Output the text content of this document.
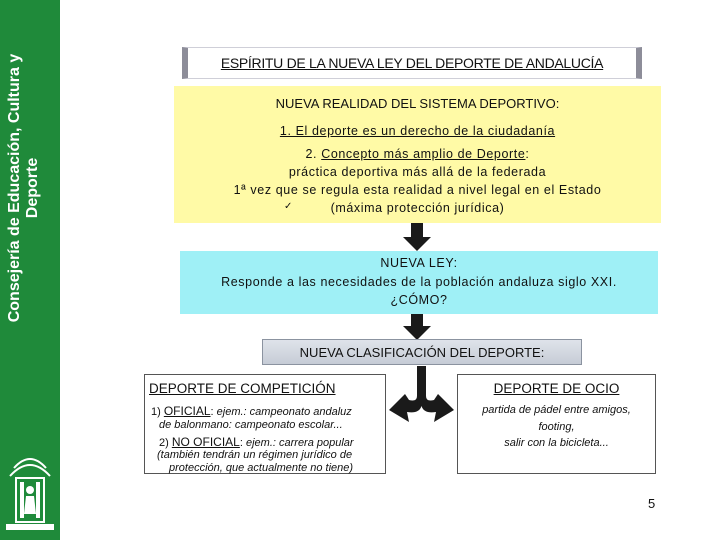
Consejería de Educación, Cultura y Deporte
ESPÍRITU DE LA NUEVA LEY DEL DEPORTE DE ANDALUCÍA
NUEVA REALIDAD DEL SISTEMA DEPORTIVO:
1. El deporte es un derecho de la ciudadanía
2. Concepto más amplio de Deporte:
práctica deportiva más allá de la federada
1ª vez que se regula esta realidad a nivel legal en el Estado
✓	(máxima protección jurídica)
NUEVA LEY:
Responde a las necesidades de la población andaluza siglo XXI.
¿CÓMO?
NUEVA CLASIFICACIÓN DEL DEPORTE:
DEPORTE DE COMPETICIÓN
1) OFICIAL: ejem.: campeonato andaluz
de balonmano: campeonato escolar...
2) NO OFICIAL: ejem.: carrera popular
(también tendrán un régimen jurídico de
protección, que actualmente no tiene)
DEPORTE DE OCIO
partida de pádel entre amigos,
footing,
salir con la bicicleta...
5
